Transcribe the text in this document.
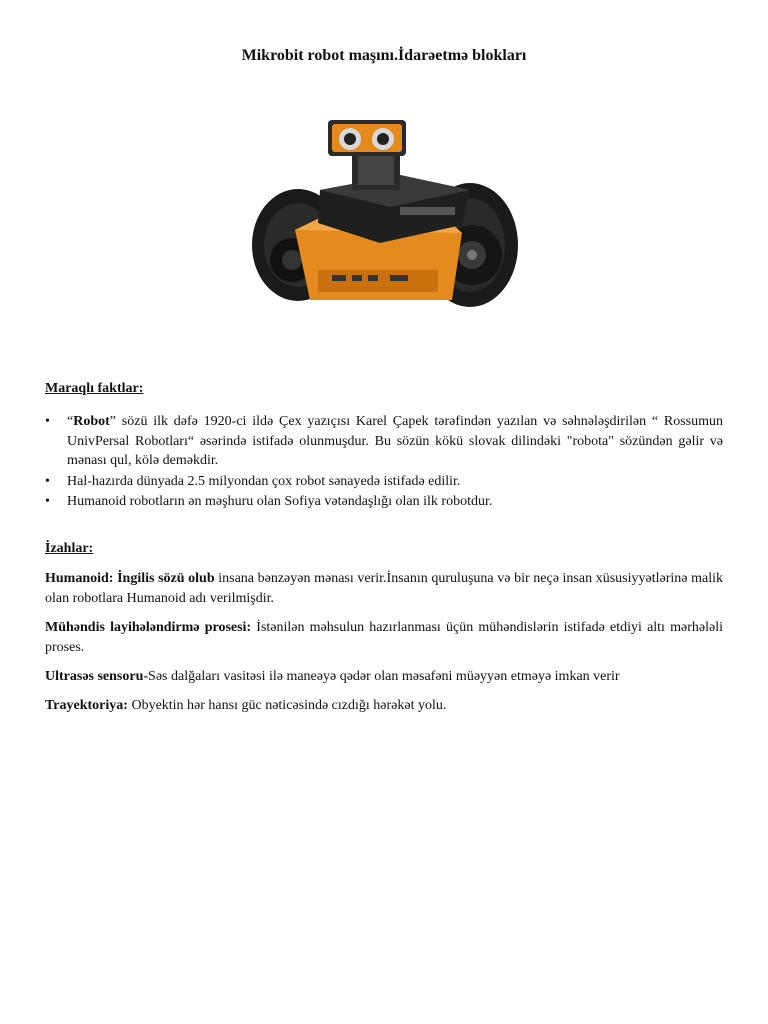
Mikrobit robot maşını.İdarəetmə blokları
Maraqlı faktlar:
• “Robot” sözü ilk dəfə 1920-ci ildə Çex yazıçısı Karel Çapek tərəfindən yazılan və səhnələşdirilən “ Rossumun UnivPersal Robotları“ əsərində istifadə olunmuşdur. Bu sözün kökü slovak dilindəki "robota" sözündən gəlir və mənası qul, kölə deməkdir.
• Hal-hazırda dünyada 2.5 milyondan çox robot sənayedə istifadə edilir.
• Humanoid robotların ən məşhuru olan Sofiya vətəndaşlığı olan ilk robotdur.
İzahlar:

Humanoid: İngilis sözü olub insana bənzəyən mənası verir.İnsanın quruluşuna və bir neçə insan xüsusiyyətlərinə malik olan robotlara Humanoid adı verilmişdir.

Mühəndis layihələndirmə prosesi: İstənilən məhsulun hazırlanması üçün mühəndislərin istifadə etdiyi altı mərhələli proses.

Ultrasəs sensoru-Səs dalğaları vasitəsi ilə maneəyə qədər olan məsafəni müəyyən etməyə imkan verir

Trayektoriya: Obyektin hər hansı güc nəticəsində cızdığı hərəkət yolu.
